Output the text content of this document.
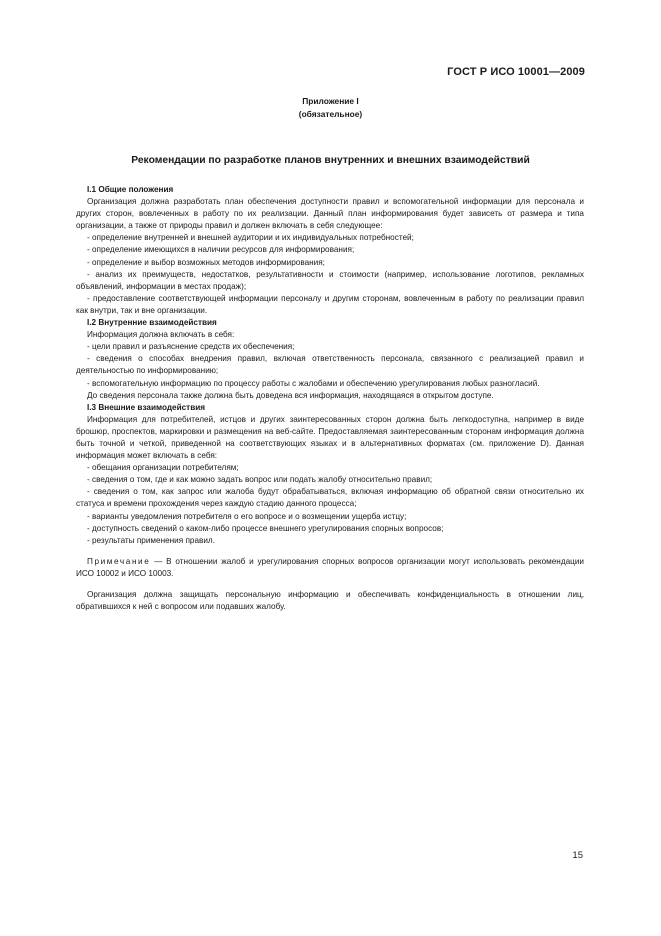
ГОСТ Р ИСО 10001—2009
Приложение I
(обязательное)
Рекомендации по разработке планов внутренних и внешних взаимодействий

I.1 Общие положения

Организация должна разработать план обеспечения доступности правил и вспомогательной информации для персонала и других сторон, вовлеченных в работу по их реализации. Данный план информирования будет зависеть от размера и типа организации, а также от природы правил и должен включать в себя следующее:

- определение внутренней и внешней аудитории и их индивидуальных потребностей;

- определение имеющихся в наличии ресурсов для информирования;

- определение и выбор возможных методов информирования;

- анализ их преимуществ, недостатков, результативности и стоимости (например, использование логотипов, рекламных объявлений, информации в местах продаж);

- предоставление соответствующей информации персоналу и другим сторонам, вовлеченным в работу по реализации правил как внутри, так и вне организации.

I.2 Внутренние взаимодействия

Информация должна включать в себя:

- цели правил и разъяснение средств их обеспечения;

- сведения о способах внедрения правил, включая ответственность персонала, связанного с реализацией правил и деятельностью по информированию;

- вспомогательную информацию по процессу работы с жалобами и обеспечению урегулирования любых разногласий.

До сведения персонала также должна быть доведена вся информация, находящаяся в открытом доступе.

I.3 Внешние взаимодействия

Информация для потребителей, истцов и других заинтересованных сторон должна быть легкодоступна, например в виде брошюр, проспектов, маркировки и размещения на веб-сайте. Предоставляемая заинтересованным сторонам информация должна быть точной и четкой, приведенной на соответствующих языках и в альтернативных форматах (см. приложение D). Данная информация может включать в себя:

- обещания организации потребителям;

- сведения о том, где и как можно задать вопрос или подать жалобу относительно правил;

- сведения о том, как запрос или жалоба будут обрабатываться, включая информацию об обратной связи относительно их статуса и времени прохождения через каждую стадию данного процесса;

- варианты уведомления потребителя о его вопросе и о возмещении ущерба истцу;

- доступность сведений о каком-либо процессе внешнего урегулирования спорных вопросов;

- результаты применения правил.

Примечание — В отношении жалоб и урегулирования спорных вопросов организации могут использовать рекомендации ИСО 10002 и ИСО 10003.

Организация должна защищать персональную информацию и обеспечивать конфиденциальность в отношении лиц, обратившихся к ней с вопросом или подавших жалобу.

15
